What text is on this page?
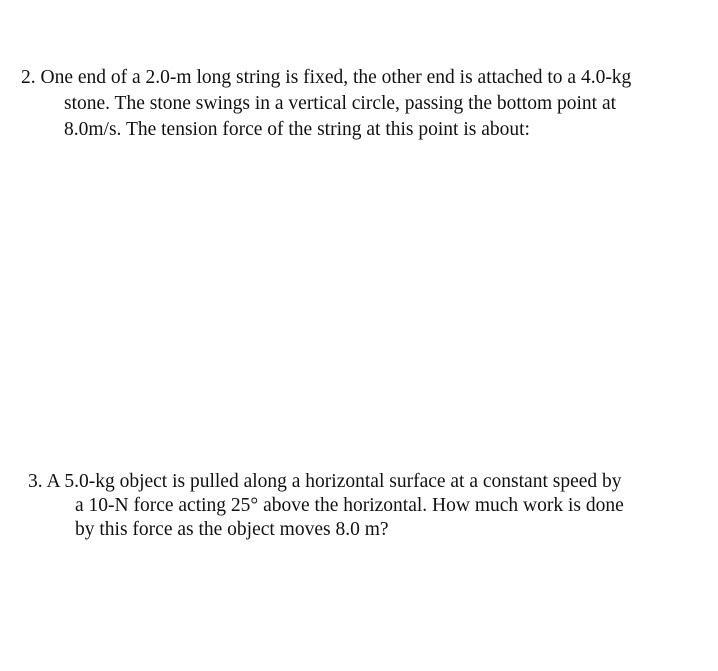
2. One end of a 2.0-m long string is fixed, the other end is attached to a 4.0-kg
stone. The stone swings in a vertical circle, passing the bottom point at
8.0m/s. The tension force of the string at this point is about:
3. A 5.0-kg object is pulled along a horizontal surface at a constant speed by
a 10-N force acting 25° above the horizontal. How much work is done
by this force as the object moves 8.0 m?
